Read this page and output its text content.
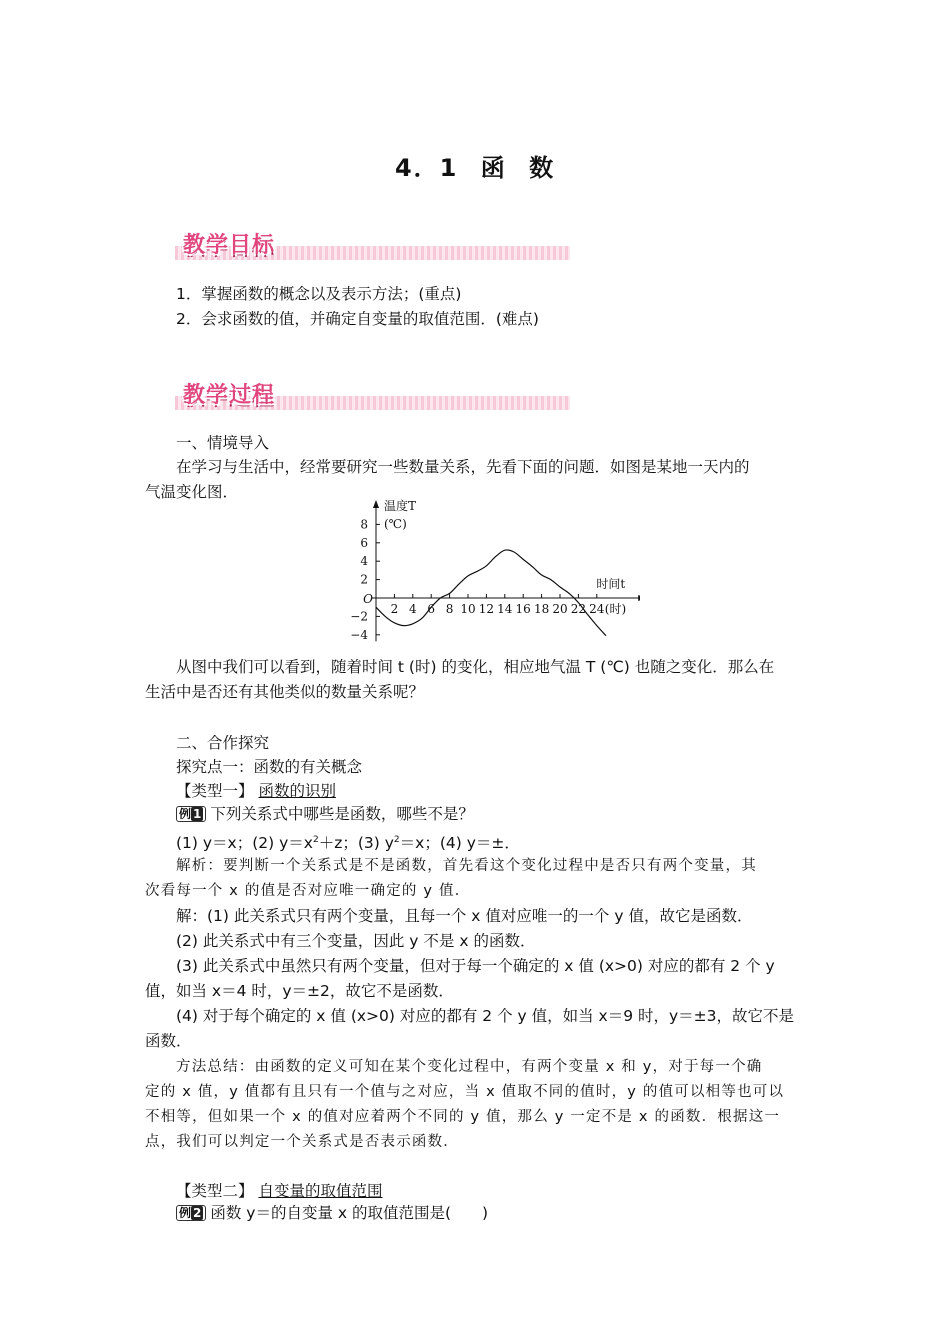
4．1 函 数
教学目标
1．掌握函数的概念以及表示方法；(重点)
2．会求函数的值，并确定自变量的取值范围．(难点)
教学过程
一、情境导入
在学习与生活中，经常要研究一些数量关系，先看下面的问题．如图是某地一天内的
气温变化图．
温度T
(℃)
时间t
(时)
O
8
6
4
2
−2
−4
2 4 6 8 10 12 14 16 18 20 22 24
从图中我们可以看到，随着时间 t (时) 的变化，相应地气温 T (℃) 也随之变化．那么在
生活中是否还有其他类似的数量关系呢？
二、合作探究
探究点一：函数的有关概念
【类型一】 函数的识别
例 1 下列关系式中哪些是函数，哪些不是？
(1) y＝x；(2) $y=x^2+z$；(3) $y^2=x$；(4) y＝±．
解析：要判断一个关系式是不是函数，首先看这个变化过程中是否只有两个变量，其
次看每一个 x 的值是否对应唯一确定的 y 值．
解：(1) 此关系式只有两个变量，且每一个 x 值对应唯一的一个 y 值，故它是函数．
(2) 此关系式中有三个变量，因此 y 不是 x 的函数．
(3) 此关系式中虽然只有两个变量，但对于每一个确定的 x 值 (x>0) 对应的都有 2 个 y
值，如当 x＝4 时，y＝±2，故它不是函数．
(4) 对于每个确定的 x 值 (x>0) 对应的都有 2 个 y 值，如当 x＝9 时，y＝±3，故它不是
函数．
方法总结：由函数的定义可知在某个变化过程中，有两个变量 x 和 y，对于每一个确
定的 x 值，y 值都有且只有一个值与之对应，当 x 值取不同的值时，y 的值可以相等也可以
不相等，但如果一个 x 的值对应着两个不同的 y 值，那么 y 一定不是 x 的函数．根据这一
点，我们可以判定一个关系式是否表示函数．
【类型二】 自变量的取值范围
例 2 函数 y＝的自变量 x 的取值范围是(　　)
